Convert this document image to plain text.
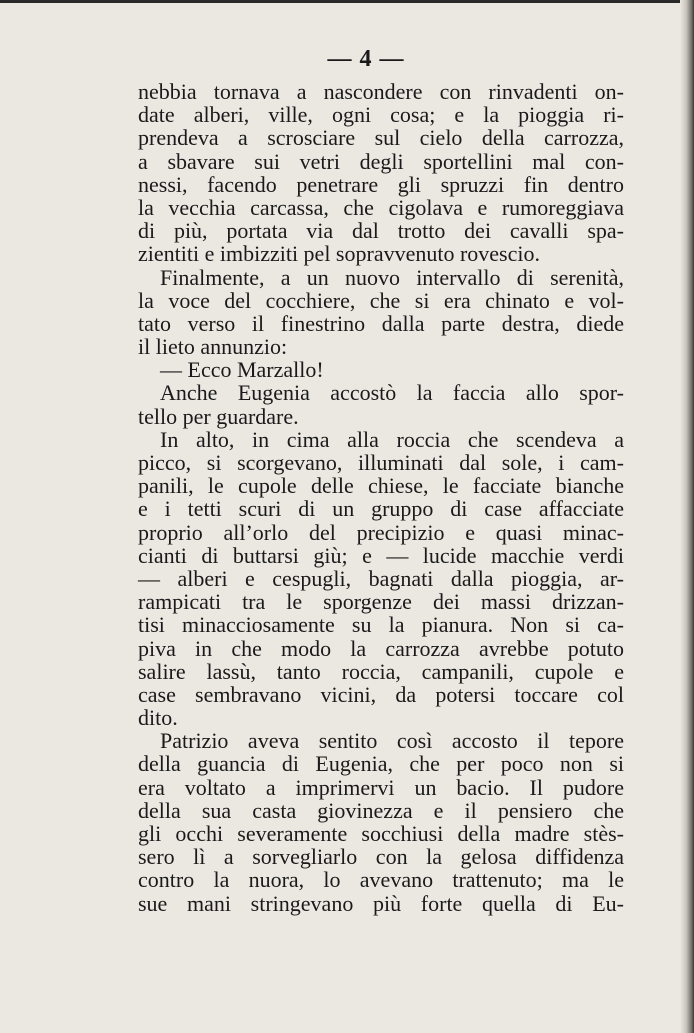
— 4 —
nebbia tornava a nascondere con rinvadenti on-
date alberi, ville, ogni cosa; e la pioggia ri-
prendeva a scrosciare sul cielo della carrozza,
a sbavare sui vetri degli sportellini mal con-
nessi, facendo penetrare gli spruzzi fin dentro
la vecchia carcassa, che cigolava e rumoreggiava
di più, portata via dal trotto dei cavalli spa-
zientiti e imbizziti pel sopravvenuto rovescio.
Finalmente, a un nuovo intervallo di serenità,
la voce del cocchiere, che si era chinato e vol-
tato verso il finestrino dalla parte destra, diede
il lieto annunzio:
— Ecco Marzallo!
Anche Eugenia accostò la faccia allo spor-
tello per guardare.
In alto, in cima alla roccia che scendeva a
picco, si scorgevano, illuminati dal sole, i cam-
panili, le cupole delle chiese, le facciate bianche
e i tetti scuri di un gruppo di case affacciate
proprio all’orlo del precipizio e quasi minac-
cianti di buttarsi giù; e — lucide macchie verdi
— alberi e cespugli, bagnati dalla pioggia, ar-
rampicati tra le sporgenze dei massi drizzan-
tisi minacciosamente su la pianura. Non si ca-
piva in che modo la carrozza avrebbe potuto
salire lassù, tanto roccia, campanili, cupole e
case sembravano vicini, da potersi toccare col
dito.
Patrizio aveva sentito così accosto il tepore
della guancia di Eugenia, che per poco non si
era voltato a imprimervi un bacio. Il pudore
della sua casta giovinezza e il pensiero che
gli occhi severamente socchiusi della madre stès-
sero lì a sorvegliarlo con la gelosa diffidenza
contro la nuora, lo avevano trattenuto; ma le
sue mani stringevano più forte quella di Eu-
